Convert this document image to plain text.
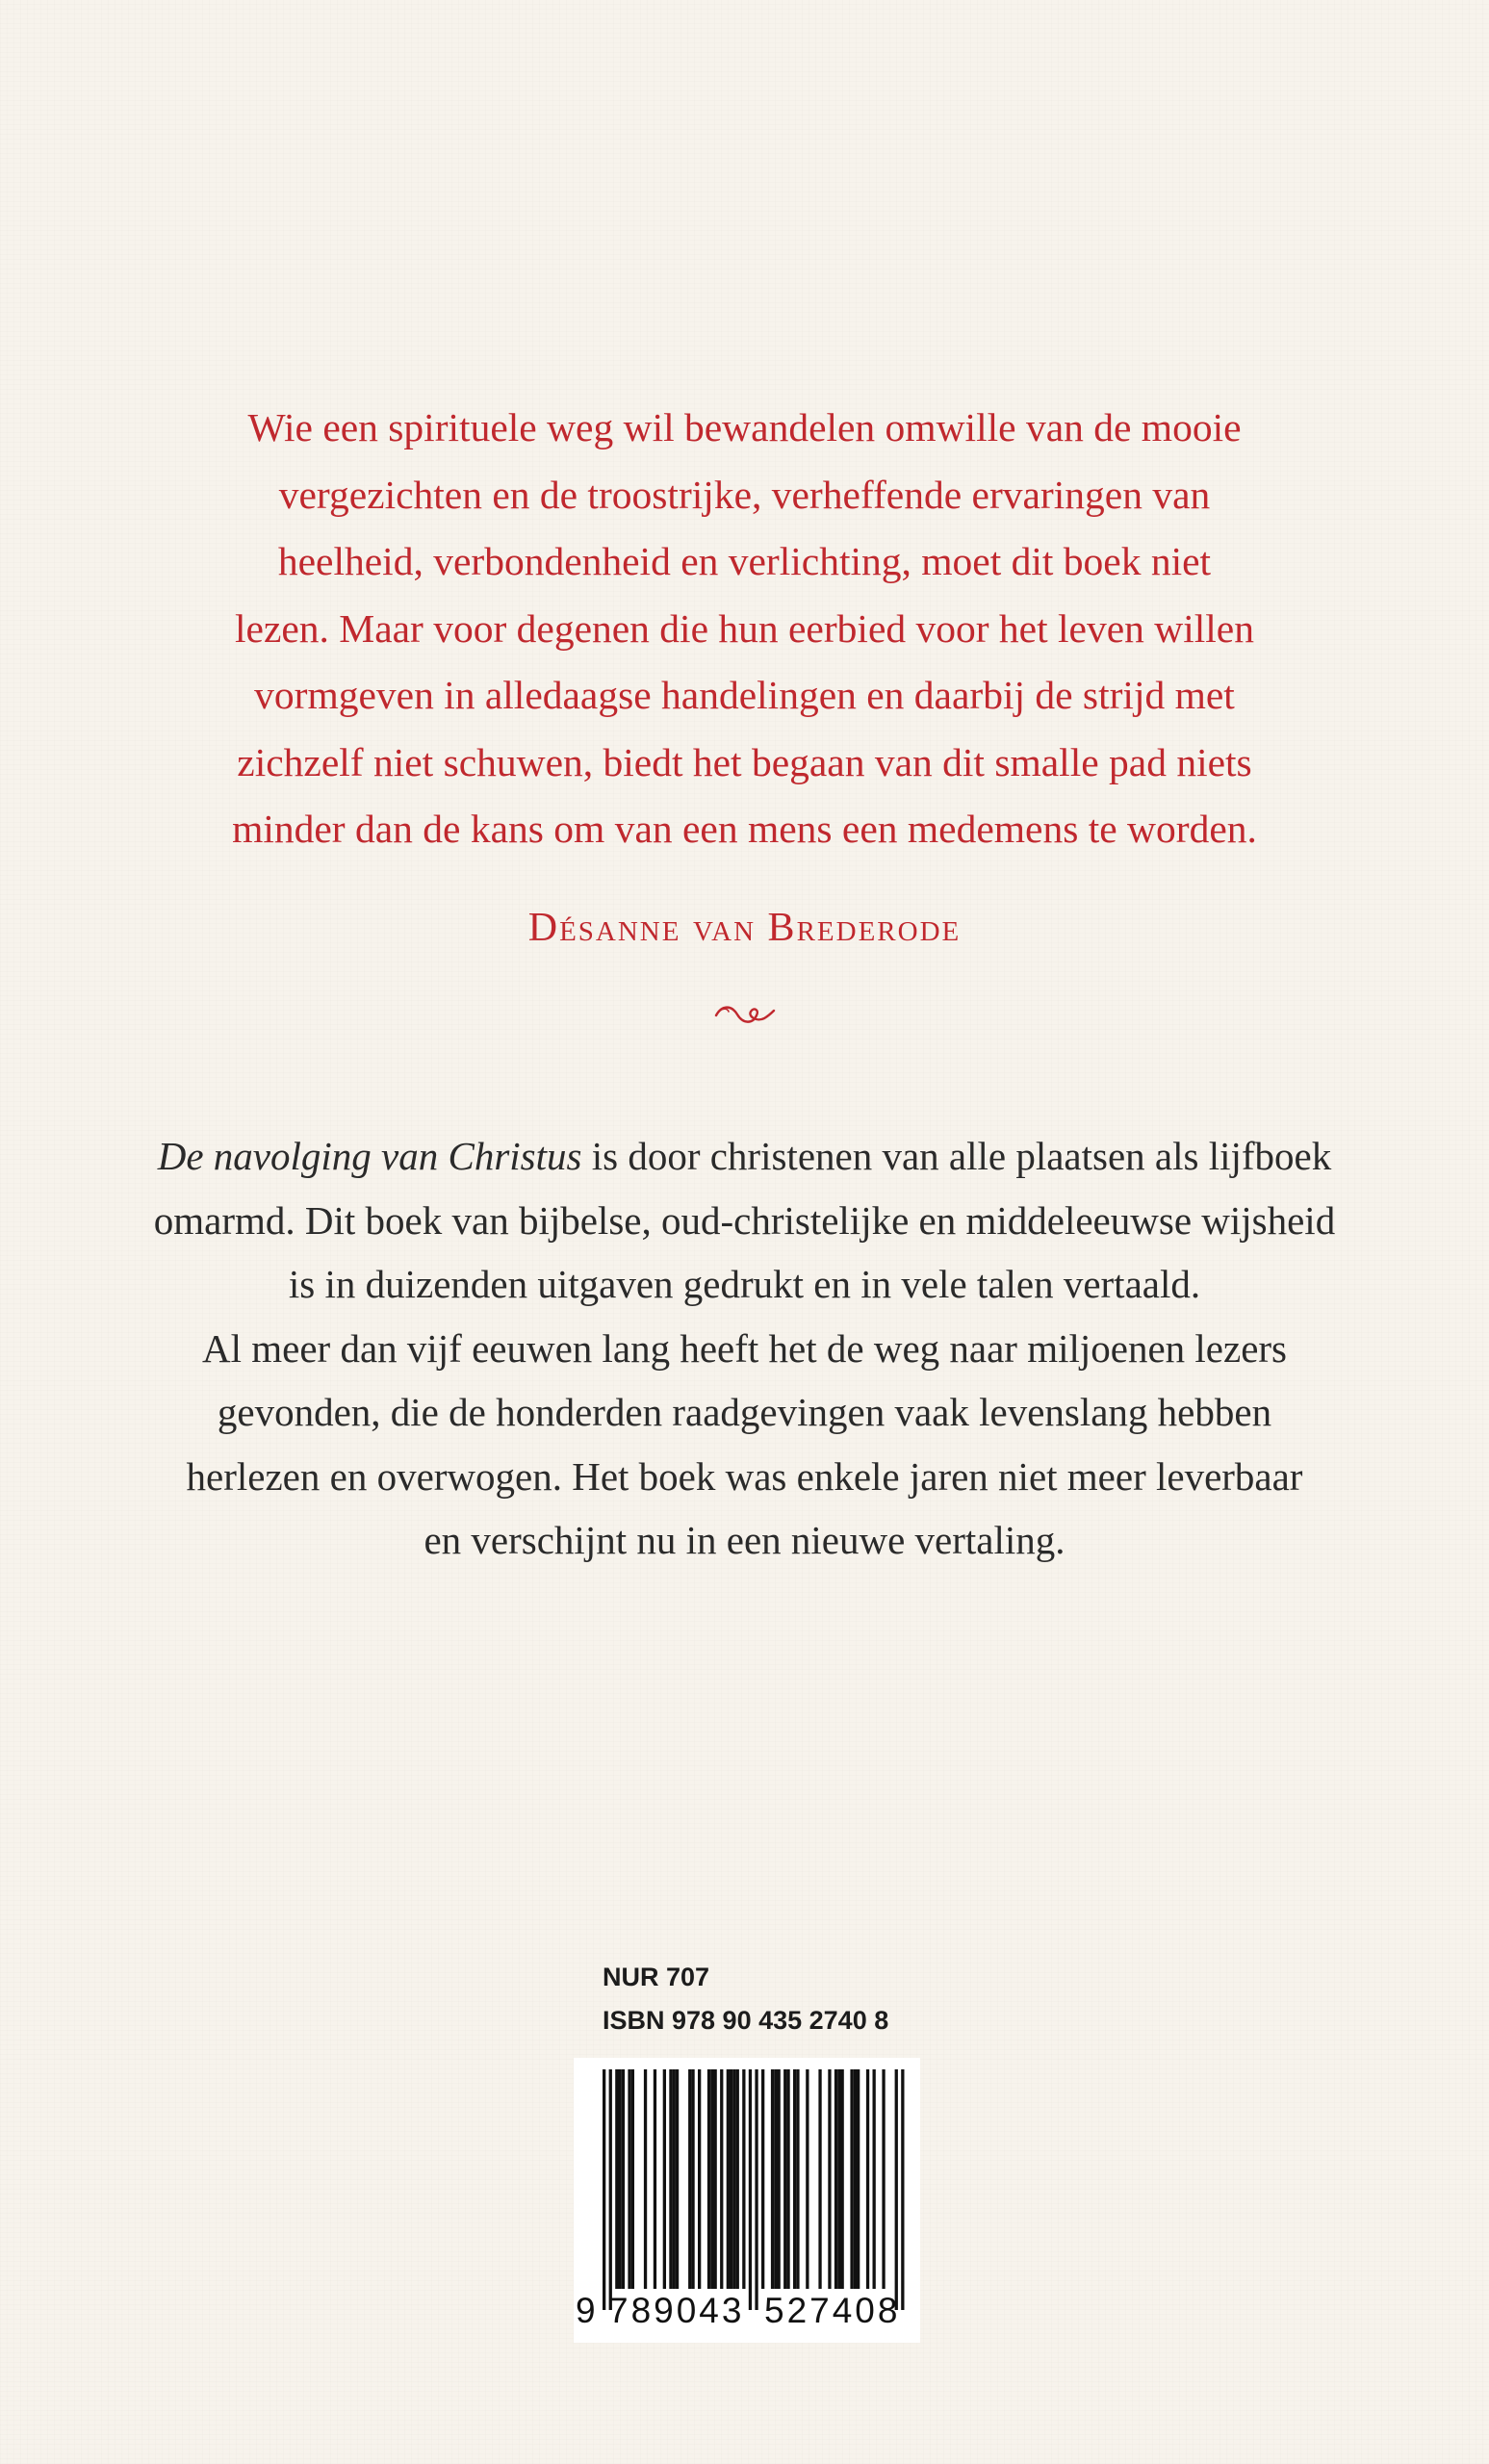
Wie een spirituele weg wil bewandelen omwille van de mooie
vergezichten en de troostrijke, verheffende ervaringen van
heelheid, verbondenheid en verlichting, moet dit boek niet
lezen. Maar voor degenen die hun eerbied voor het leven willen
vormgeven in alledaagse handelingen en daarbij de strijd met
zichzelf niet schuwen, biedt het begaan van dit smalle pad niets
minder dan de kans om van een mens een medemens te worden.
Désanne van Brederode
De navolging van Christus is door christenen van alle plaatsen als lijfboek
omarmd. Dit boek van bijbelse, oud-christelijke en middeleeuwse wijsheid
is in duizenden uitgaven gedrukt en in vele talen vertaald.
Al meer dan vijf eeuwen lang heeft het de weg naar miljoenen lezers
gevonden, die de honderden raadgevingen vaak levenslang hebben
herlezen en overwogen. Het boek was enkele jaren niet meer leverbaar
en verschijnt nu in een nieuwe vertaling.
NUR 707
ISBN 978 90 435 2740 8
9 789043 527408
